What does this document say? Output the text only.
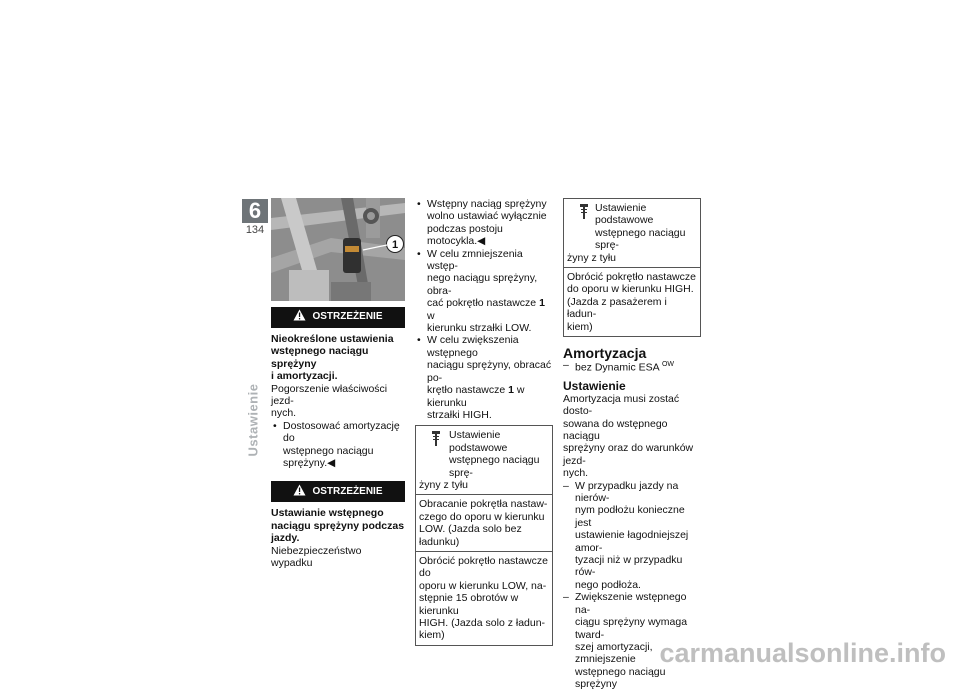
6
134
Ustawienie
1
OSTRZEŻENIE
Nieokreślone ustawienia
wstępnego naciągu sprężyny
i amortyzacji.
Pogorszenie właściwości jezd-
nych.
• Dostosować amortyzację do
wstępnego naciągu sprężyny.◀
OSTRZEŻENIE
Ustawianie wstępnego
naciągu sprężyny podczas
jazdy.
Niebezpieczeństwo wypadku
• Wstępny naciąg sprężyny
wolno ustawiać wyłącznie
podczas postoju motocykla.◀
• W celu zmniejszenia wstęp-
nego naciągu sprężyny, obra-
cać pokrętło nastawcze 1 w
kierunku strzałki LOW.
• W celu zwiększenia wstępnego
naciągu sprężyny, obracać po-
krętło nastawcze 1 w kierunku
strzałki HIGH.
Ustawienie podstawowe
wstępnego naciągu sprę-
żyny z tyłu
Obracanie pokrętła nastaw-
czego do oporu w kierunku
LOW. (Jazda solo bez ładunku)
Obrócić pokrętło nastawcze do
oporu w kierunku LOW, na-
stępnie 15 obrotów w kierunku
HIGH. (Jazda solo z ładun-
kiem)
Ustawienie podstawowe
wstępnego naciągu sprę-
żyny z tyłu
Obrócić pokrętło nastawcze
do oporu w kierunku HIGH.
(Jazda z pasażerem i ładun-
kiem)
Amortyzacja
– bez Dynamic ESA $^{OW}$
Ustawienie
Amortyzacja musi zostać dosto-
sowana do wstępnego naciągu
sprężyny oraz do warunków jezd-
nych.
– W przypadku jazdy na nierów-
nym podłożu konieczne jest
ustawienie łagodniejszej amor-
tyzacji niż w przypadku rów-
nego podłoża.
– Zwiększenie wstępnego na-
ciągu sprężyny wymaga tward-
szej amortyzacji, zmniejszenie
wstępnego naciągu sprężyny
carmanualsonline.info
